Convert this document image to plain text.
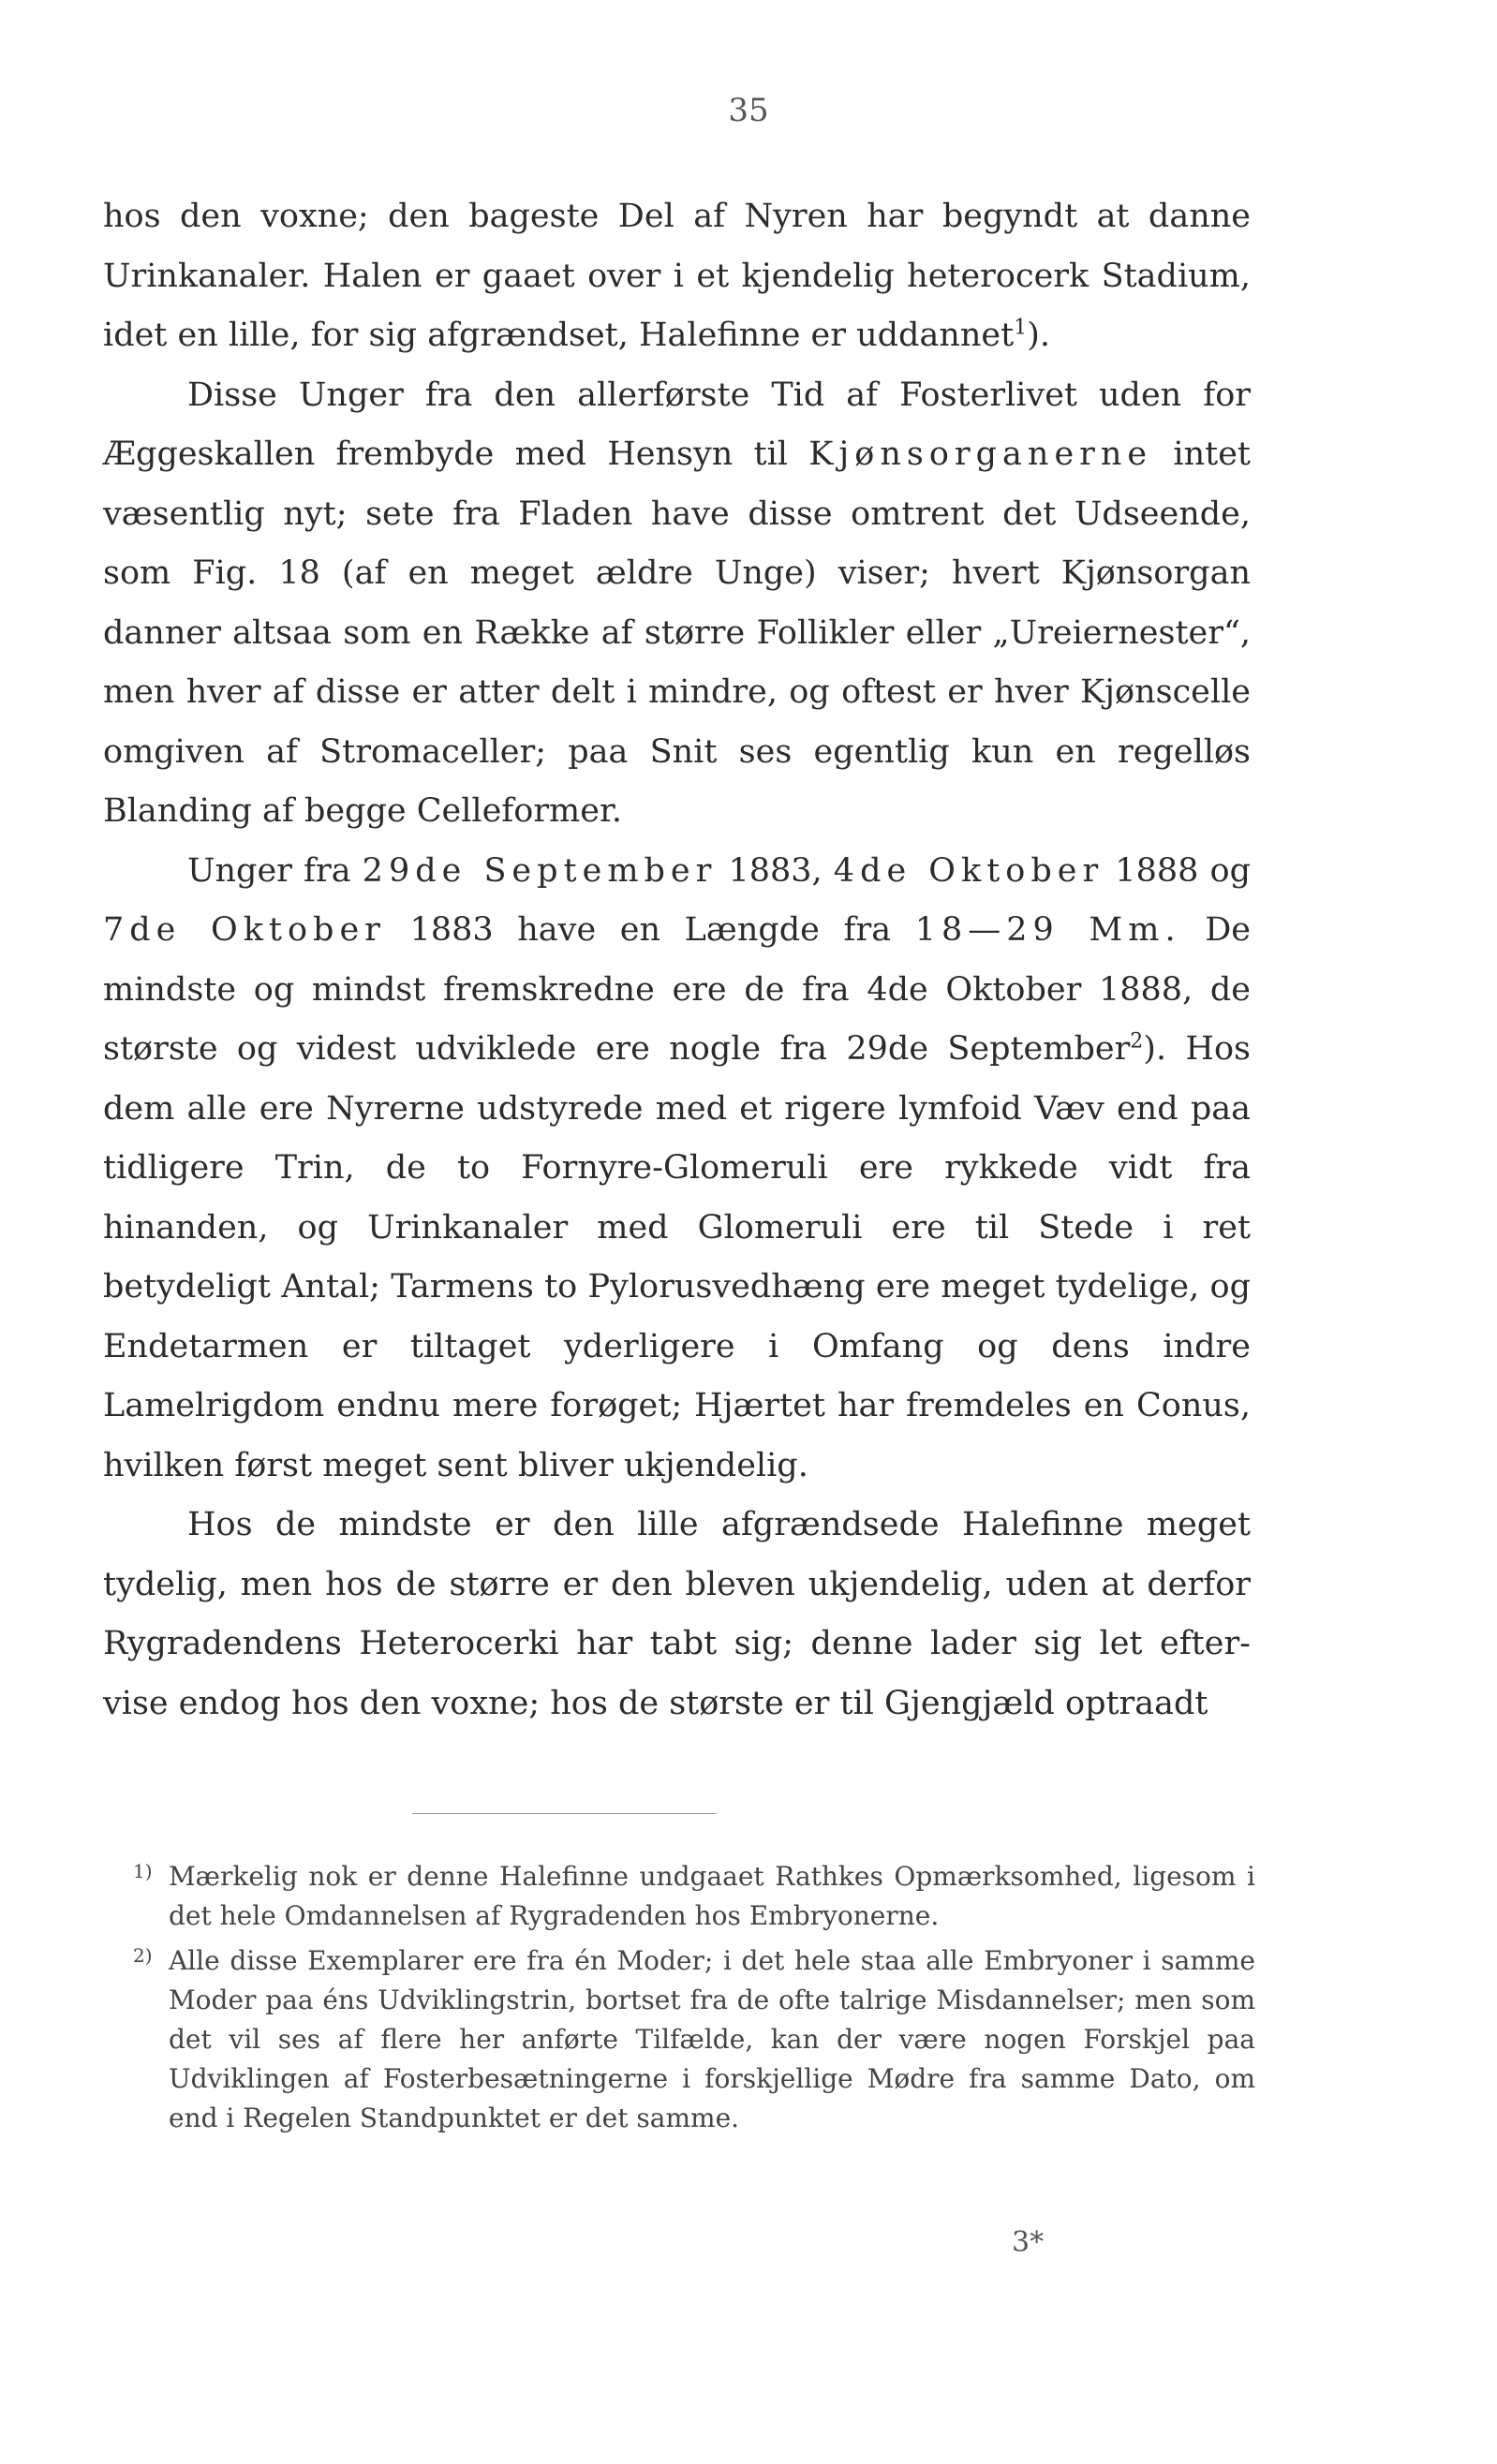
35

hos den voxne; den bageste Del af Nyren har begyndt at danne Urinkanaler. Halen er gaaet over i et kjendelig heterocerk Stadium, idet en lille, for sig afgrændset, Halefinne er uddannet$^1$).

Disse Unger fra den allerførste Tid af Fosterlivet uden for Æggeskallen frembyde med Hensyn til Kjønsorganerne intet væsentlig nyt; sete fra Fladen have disse omtrent det Udseende, som Fig. 18 (af en meget ældre Unge) viser; hvert Kjønsorgan danner altsaa som en Række af større Follikler eller „Ureiernester“, men hver af disse er atter delt i mindre, og oftest er hver Kjønscelle omgiven af Stromaceller; paa Snit ses egentlig kun en regelløs Blanding af begge Celleformer.

Unger fra 29de September 1883, 4de Oktober 1888 og 7de Oktober 1883 have en Længde fra 18—29 Mm. De mindste og mindst fremskredne ere de fra 4de Oktober 1888, de største og videst udviklede ere nogle fra 29de September$^2$). Hos dem alle ere Nyrerne udstyrede med et rigere lymfoid Væv end paa tidligere Trin, de to Fornyre-Glomeruli ere rykkede vidt fra hinanden, og Urinkanaler med Glomeruli ere til Stede i ret betydeligt Antal; Tarmens to Pylorusvedhæng ere meget tydelige, og Endetarmen er tiltaget yderligere i Omfang og dens indre Lamelrigdom endnu mere forøget; Hjærtet har fremdeles en Conus, hvilken først meget sent bliver ukjendelig.

Hos de mindste er den lille afgrændsede Halefinne meget tydelig, men hos de større er den bleven ukjendelig, uden at derfor Rygradendens Heterocerki har tabt sig; denne lader sig let efter-vise endog hos den voxne; hos de største er til Gjengjæld optraadt

1) Mærkelig nok er denne Halefinne undgaaet Rathkes Opmærksomhed, ligesom i det hele Omdannelsen af Rygradenden hos Embryonerne.
2) Alle disse Exemplarer ere fra én Moder; i det hele staa alle Embryoner i samme Moder paa éns Udviklingstrin, bortset fra de ofte talrige Misdannelser; men som det vil ses af flere her anførte Tilfælde, kan der være nogen Forskjel paa Udviklingen af Fosterbesætningerne i forskjellige Mødre fra samme Dato, om end i Regelen Standpunktet er det samme.
3*
